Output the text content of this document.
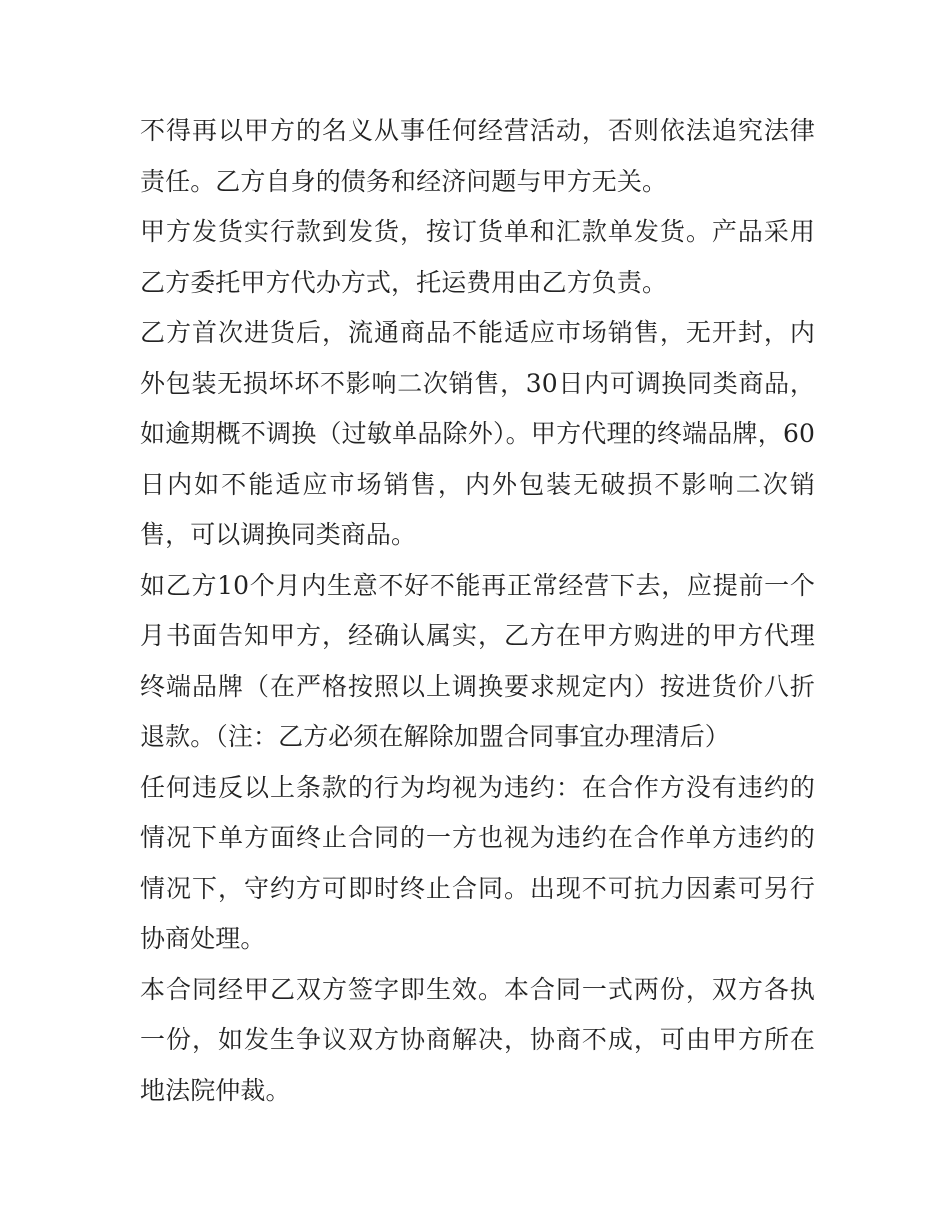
不得再以甲方的名义从事任何经营活动，否则依法追究法律责任。乙方自身的债务和经济问题与甲方无关。

甲方发货实行款到发货，按订货单和汇款单发货。产品采用乙方委托甲方代办方式，托运费用由乙方负责。

乙方首次进货后，流通商品不能适应市场销售，无开封，内外包装无损坏坏不影响二次销售，30日内可调换同类商品，如逾期概不调换（过敏单品除外）。甲方代理的终端品牌，60日内如不能适应市场销售，内外包装无破损不影响二次销售，可以调换同类商品。

如乙方10个月内生意不好不能再正常经营下去，应提前一个月书面告知甲方，经确认属实，乙方在甲方购进的甲方代理终端品牌（在严格按照以上调换要求规定内）按进货价八折退款。（注：乙方必须在解除加盟合同事宜办理清后）

任何违反以上条款的行为均视为违约：在合作方没有违约的情况下单方面终止合同的一方也视为违约在合作单方违约的情况下，守约方可即时终止合同。出现不可抗力因素可另行协商处理。

本合同经甲乙双方签字即生效。本合同一式两份，双方各执一份，如发生争议双方协商解决，协商不成，可由甲方所在地法院仲裁。
